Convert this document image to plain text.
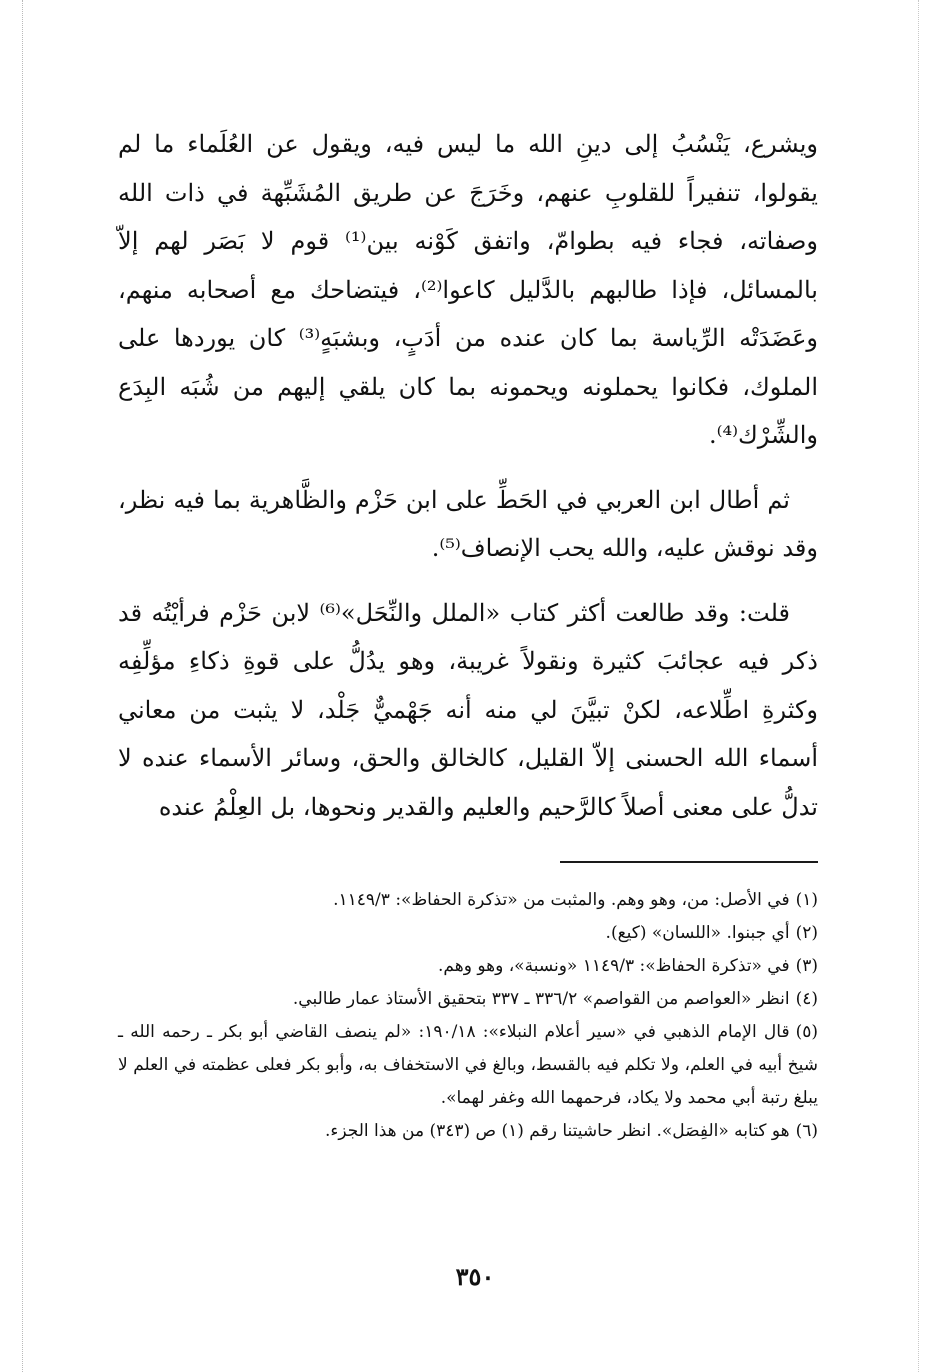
ويشرع، يَنْسُبُ إلى دينِ الله ما ليس فيه، ويقول عن العُلَماء ما لم يقولوا، تنفيراً للقلوبِ عنهم، وخَرَجَ عن طريق المُشَبِّهة في ذات الله وصفاته، فجاء فيه بطوامّ، واتفق كَوْنه بين⁽¹⁾ قوم لا بَصَر لهم إلاّ بالمسائل، فإذا طالبهم بالدَّليل كاعوا⁽²⁾، فيتضاحك مع أصحابه منهم، وعَضَدَتْه الرِّياسة بما كان عنده من أدَبٍ، وبشبَهٍ⁽³⁾ كان يوردها على الملوك، فكانوا يحملونه ويحمونه بما كان يلقي إليهم من شُبَه البِدَع والشِّرْك⁽⁴⁾.

ثم أطال ابن العربي في الحَطِّ على ابن حَزْم والظَّاهرية بما فيه نظر، وقد نوقش عليه، والله يحب الإنصاف⁽⁵⁾.

قلت: وقد طالعت أكثر كتاب «الملل والنِّحَل»⁽⁶⁾ لابن حَزْم فرأيْتُه قد ذكر فيه عجائبَ كثيرة ونقولاً غريبة، وهو يدُلُّ على قوةِ ذكاءِ مؤلِّفِه وكثرةِ اطِّلاعه، لكنْ تبيَّنَ لي منه أنه جَهْميٌّ جَلْد، لا يثبت من معاني أسماء الله الحسنى إلاّ القليل، كالخالق والحق، وسائر الأسماء عنده لا تدلُّ على معنى أصلاً كالرَّحيم والعليم والقدير ونحوها، بل العِلْمُ عنده

(١)في الأصل: من، وهو وهم. والمثبت من «تذكرة الحفاظ»: ١١٤٩/٣.

(٢)أي جبنوا. «اللسان» (كيع).

(٣)في «تذكرة الحفاظ»: ١١٤٩/٣ «ونسبة»، وهو وهم.

(٤)انظر «العواصم من القواصم» ٣٣٦/٢ ـ ٣٣٧ بتحقيق الأستاذ عمار طالبي.

(٥)قال الإمام الذهبي في «سير أعلام النبلاء»: ١٩٠/١٨: «لم ينصف القاضي أبو بكر ـ رحمه الله ـ شيخ أبيه في العلم، ولا تكلم فيه بالقسط، وبالغ في الاستخفاف به، وأبو بكر فعلى عظمته في العلم لا يبلغ رتبة أبي محمد ولا يكاد، فرحمهما الله وغفر لهما».

(٦)هو كتابه «الفِصَل». انظر حاشيتنا رقم (١) ص (٣٤٣) من هذا الجزء.

٣٥٠
